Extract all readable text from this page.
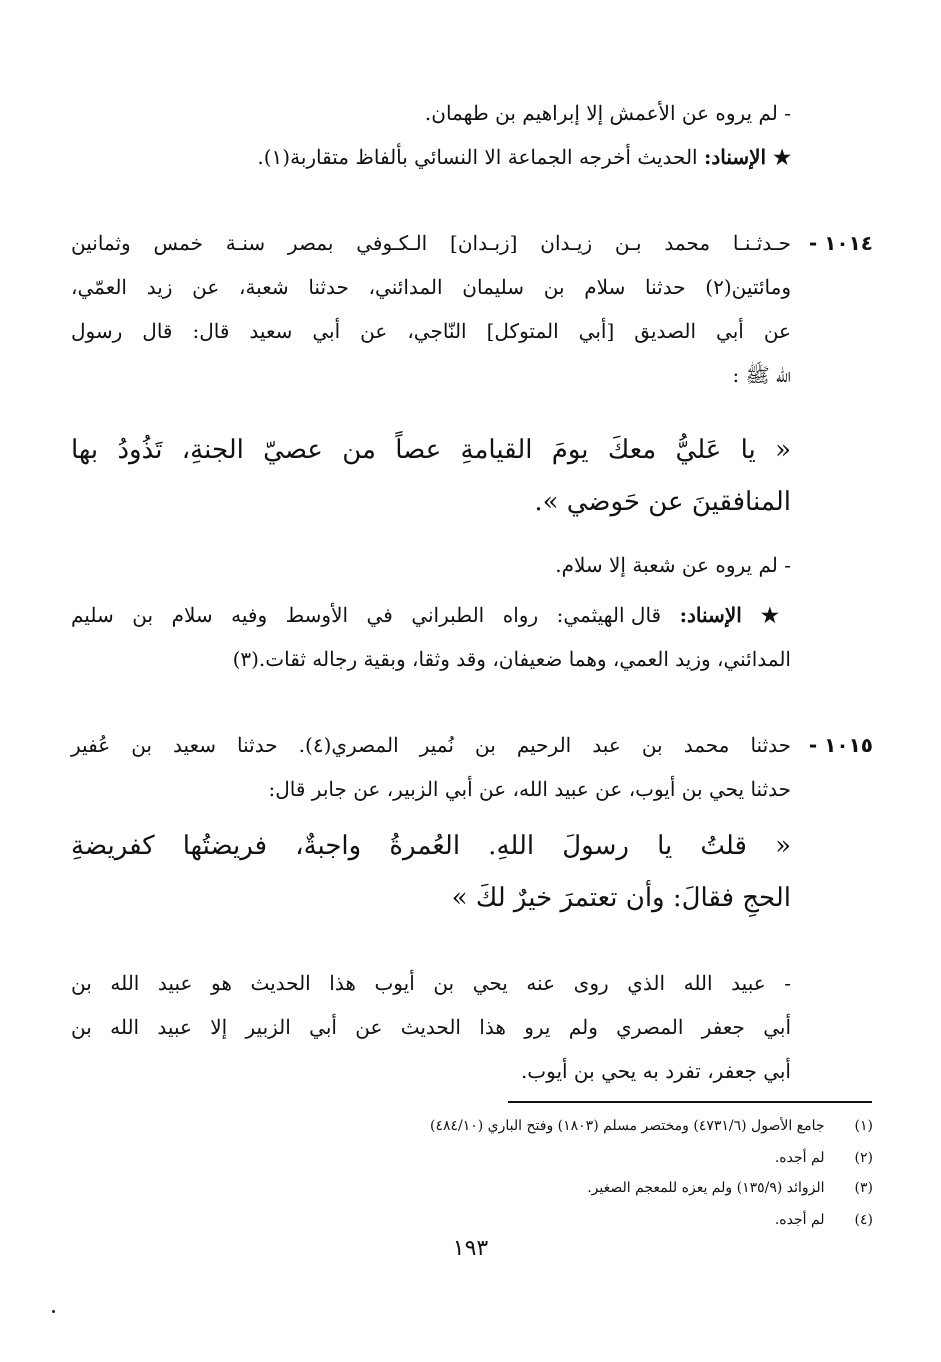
- لم يروه عن الأعمش إلا إبراهيم بن طهمان.
★ الإسناد: الحديث أخرجه الجماعة الا النسائي بألفاظ متقاربة(١).
١٠١٤ -
حـدثـنـا محمد بـن زيـدان [زبـدان] الـكـوفي بمصر سنـة خمس وثمانين
ومائتين(٢) حدثنا سلام بن سليمان المدائني، حدثنا شعبة، عن زيد العمّي،
عن أبي الصديق [أبي المتوكل] النّاجي، عن أبي سعيد قال: قال رسول
الله ﷺ :
« يا عَليُّ معكَ يومَ القيامةِ عصاً من عصيّ الجنةِ، تَذُودُ بها
المنافقينَ عن حَوضي ».
- لم يروه عن شعبة إلا سلام.
★ الإسناد: قال الهيثمي: رواه الطبراني في الأوسط وفيه سلام بن سليم
المدائني، وزيد العمي، وهما ضعيفان، وقد وثقا، وبقية رجاله ثقات.(٣)
١٠١٥ -
حدثنا محمد بن عبد الرحيم بن نُمير المصري(٤). حدثنا سعيد بن عُفير
حدثنا يحي بن أيوب، عن عبيد الله، عن أبي الزبير، عن جابر قال:
« قلتُ يا رسولَ اللهِ. العُمرةُ واجبةٌ، فريضتُها كفريضةِ
الحجِ فقالَ: وأن تعتمرَ خيرٌ لكَ »
- عبيد الله الذي روى عنه يحي بن أيوب هذا الحديث هو عبيد الله بن
أبي جعفر المصري ولم يرو هذا الحديث عن أبي الزبير إلا عبيد الله بن
أبي جعفر، تفرد به يحي بن أيوب.
(١) جامع الأصول (٤٧٣١/٦) ومختصر مسلم (١٨٠٣) وفتح الباري (٤٨٤/١٠)
(٢) لم أجده.
(٣) الزوائد (١٣٥/٩) ولم يعزه للمعجم الصغير.
(٤) لم أجده.
١٩٣
